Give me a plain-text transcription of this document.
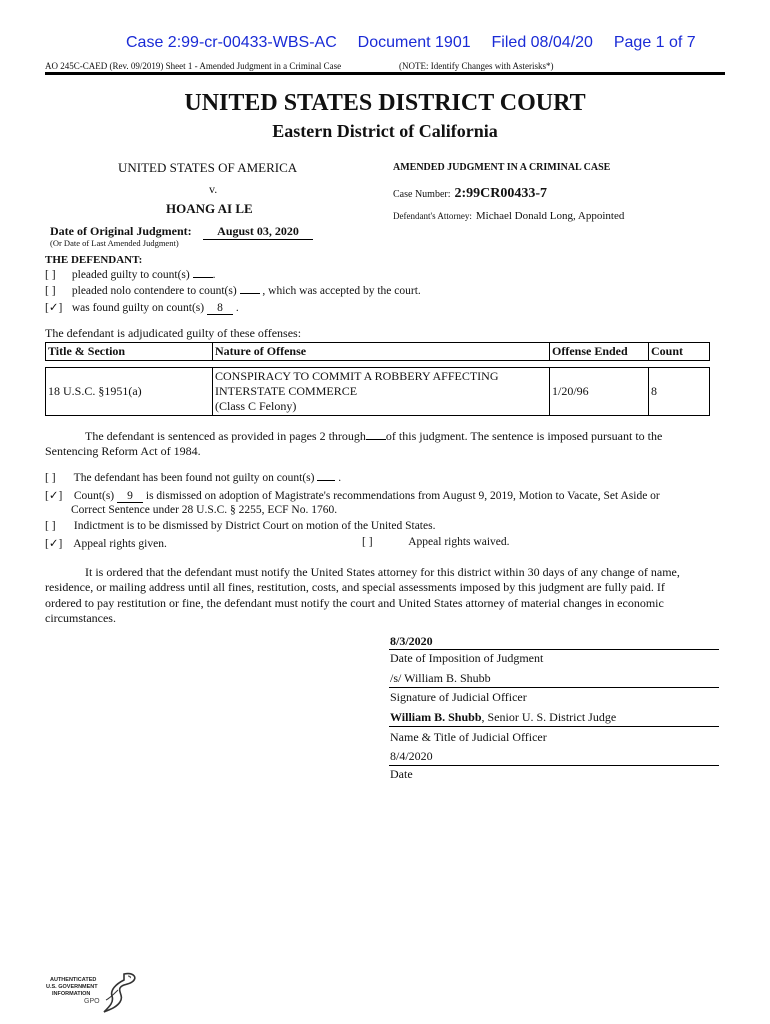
Case 2:99-cr-00433-WBS-AC Document 1901 Filed 08/04/20 Page 1 of 7
AO 245C-CAED (Rev. 09/2019) Sheet 1 - Amended Judgment in a Criminal Case	(NOTE: Identify Changes with Asterisks*)
UNITED STATES DISTRICT COURT
Eastern District of California
UNITED STATES OF AMERICA
v.
HOANG AI LE
AMENDED JUDGMENT IN A CRIMINAL CASE
Case Number: 2:99CR00433-7
Defendant's Attorney: Michael Donald Long, Appointed
Date of Original Judgment:	August 03, 2020
(Or Date of Last Amended Judgment)
THE DEFENDANT:
[ ] pleaded guilty to count(s) .
[ ] pleaded nolo contendere to count(s) , which was accepted by the court.
[✓] was found guilty on count(s) 8 .
The defendant is adjudicated guilty of these offenses:
Title & Section	Nature of Offense	Offense Ended	Count

18 U.S.C. §1951(a)	CONSPIRACY TO COMMIT A ROBBERY AFFECTING
INTERSTATE COMMERCE
(Class C Felony)	1/20/96	8
The defendant is sentenced as provided in pages 2 through of this judgment. The sentence is imposed pursuant to the
Sentencing Reform Act of 1984.
[ ] The defendant has been found not guilty on count(s) .
[✓] Count(s) 9 is dismissed on adoption of Magistrate's recommendations from August 9, 2019, Motion to Vacate, Set Aside or
Correct Sentence under 28 U.S.C. § 2255, ECF No. 1760.
[ ] Indictment is to be dismissed by District Court on motion of the United States.
[✓] Appeal rights given.	[ ]	Appeal rights waived.
It is ordered that the defendant must notify the United States attorney for this district within 30 days of any change of name,
residence, or mailing address until all fines, restitution, costs, and special assessments imposed by this judgment are fully paid. If
ordered to pay restitution or fine, the defendant must notify the court and United States attorney of material changes in economic
circumstances.
8/3/2020
Date of Imposition of Judgment
/s/ William B. Shubb
Signature of Judicial Officer
William B. Shubb, Senior U. S. District Judge
Name & Title of Judicial Officer
8/4/2020
Date
AUTHENTICATED
U.S. GOVERNMENT
INFORMATION
GPO
